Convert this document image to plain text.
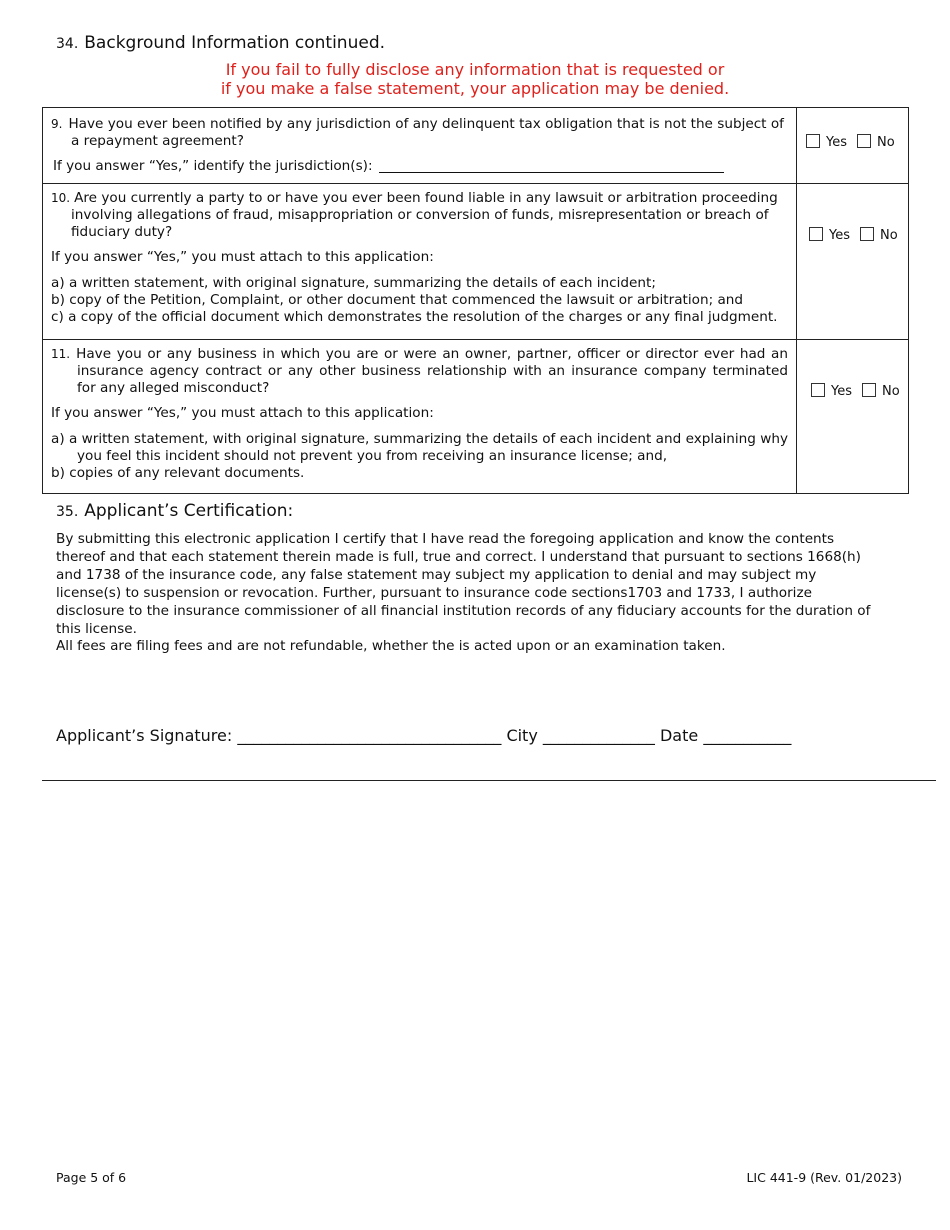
34. Background Information continued.
If you fail to fully disclose any information that is requested or
if you make a false statement, your application may be denied.
9. Have you ever been notified by any jurisdiction of any delinquent tax obligation that is not the subject of a repayment agreement?
If you answer “Yes,” identify the jurisdiction(s):	Yes No

10. Are you currently a party to or have you ever been found liable in any lawsuit or arbitration proceeding involving allegations of fraud, misappropriation or conversion of funds, misrepresentation or breach of fiduciary duty?
If you answer “Yes,” you must attach to this application:
a) a written statement, with original signature, summarizing the details of each incident;
b) copy of the Petition, Complaint, or other document that commenced the lawsuit or arbitration; and
c) a copy of the official document which demonstrates the resolution of the charges or any final judgment.	Yes No

11. Have you or any business in which you are or were an owner, partner, officer or director ever had an insurance agency contract or any other business relationship with an insurance company terminated for any alleged misconduct?
If you answer “Yes,” you must attach to this application:
a) a written statement, with original signature, summarizing the details of each incident and explaining why you feel this incident should not prevent you from receiving an insurance license; and,
b) copies of any relevant documents.	Yes No
35. Applicant’s Certification:
By submitting this electronic application I certify that I have read the foregoing application and know the contents thereof and that each statement therein made is full, true and correct. I understand that pursuant to sections 1668(h) and 1738 of the insurance code, any false statement may subject my application to denial and may subject my license(s) to suspension or revocation. Further, pursuant to insurance code sections1703 and 1733, I authorize disclosure to the insurance commissioner of all financial institution records of any fiduciary accounts for the duration of this license.
All fees are filing fees and are not refundable, whether the is acted upon or an examination taken.
Applicant’s Signature: _________________________________ City ______________ Date ___________
Page 5 of 6	LIC 441-9 (Rev. 01/2023)
